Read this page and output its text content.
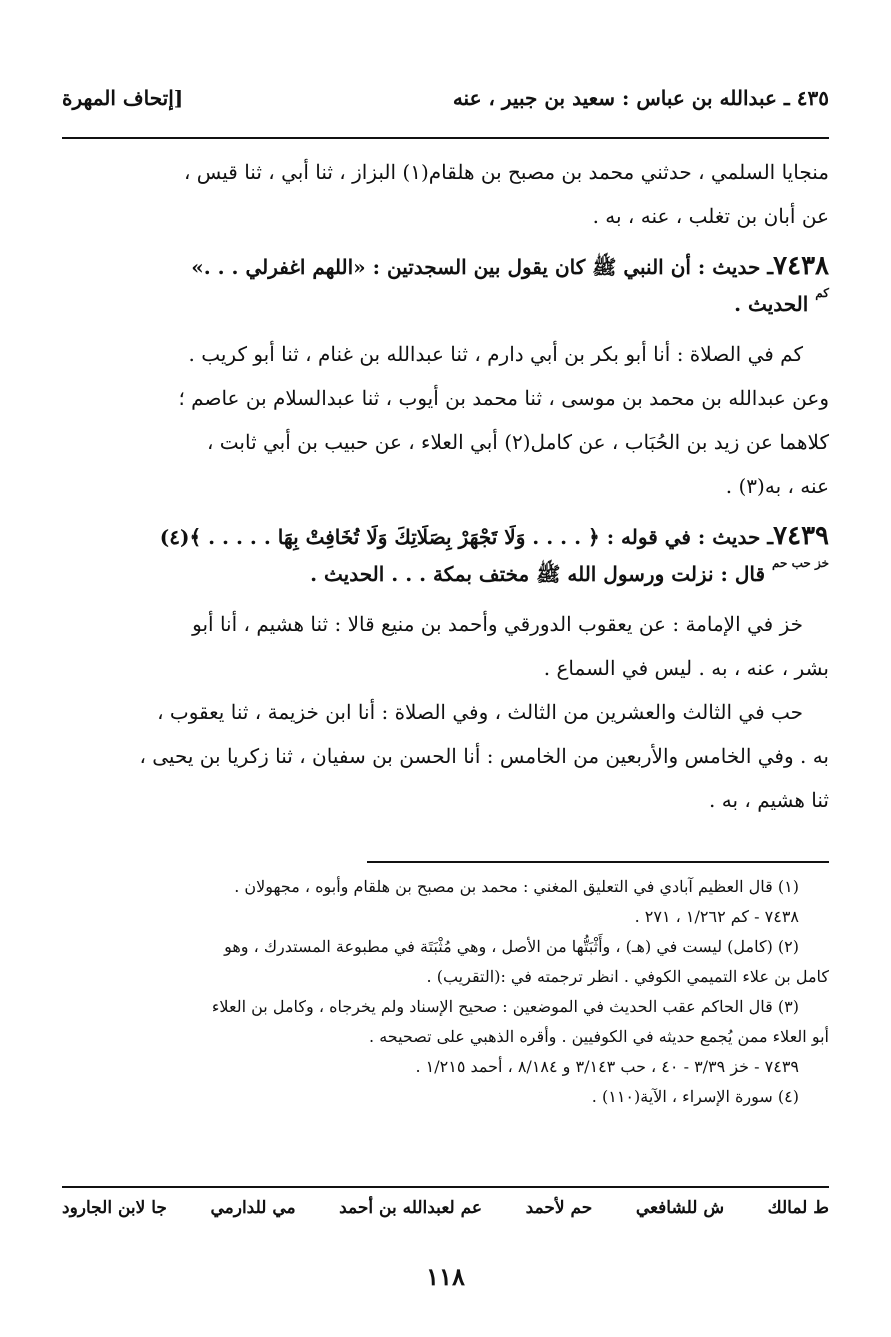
٤٣٥ ـ عبدالله بن عباس : سعيد بن جبير ، عنه
[إتحاف المهرة

منجايا السلمي ، حدثني محمد بن مصبح بن هلقام(١) البزاز ، ثنا أبي ، ثنا قيس ،

عن أبان بن تغلب ، عنه ، به .

٧٤٣٨ـ حديث : أن النبي ﷺ كان يقول بين السجدتين : «اللهم اغفرلي . . .»

$^{كم}$ الحديث .

كم في الصلاة : أنا أبو بكر بن أبي دارم ، ثنا عبدالله بن غنام ، ثنا أبو كريب .

وعن عبدالله بن محمد بن موسى ، ثنا محمد بن أيوب ، ثنا عبدالسلام بن عاصم ؛

كلاهما عن زيد بن الحُبَاب ، عن كامل(٢) أبي العلاء ، عن حبيب بن أبي ثابت ،

عنه ، به(٣) .

٧٤٣٩ـ حديث : في قوله : ﴿ . . . . وَلَا تَجْهَرْ بِصَلَاتِكَ وَلَا تُخَافِتْ بِهَا . . . . . ﴾(٤)

$^{خز حب حم}$ قال : نزلت ورسول الله ﷺ مختف بمكة . . . الحديث .

خز في الإمامة : عن يعقوب الدورقي وأحمد بن منيع قالا : ثنا هشيم ، أنا أبو

بشر ، عنه ، به . ليس في السماع .

حب في الثالث والعشرين من الثالث ، وفي الصلاة : أنا ابن خزيمة ، ثنا يعقوب ،

به . وفي الخامس والأربعين من الخامس : أنا الحسن بن سفيان ، ثنا زكريا بن يحيى ،

ثنا هشيم ، به .

(١) قال العظيم آبادي في التعليق المغني : محمد بن مصبح بن هلقام وأبوه ، مجهولان .

٧٤٣٨ - كم ١/٢٦٢ ، ٢٧١ .

(٢) (كامل) ليست في (هـ) ، وأَثْبَتُّها من الأصل ، وهي مُثْبَتَة في مطبوعة المستدرك ، وهو

كامل بن علاء التميمي الكوفي . انظر ترجمته في :(التقريب) .

(٣) قال الحاكم عقب الحديث في الموضعين : صحيح الإسناد ولم يخرجاه ، وكامل بن العلاء

أبو العلاء ممن يُجمع حديثه في الكوفيين . وأقره الذهبي على تصحيحه .

٧٤٣٩ - خز ٣/٣٩ - ٤٠ ، حب ٣/١٤٣ و ٨/١٨٤ ، أحمد ١/٢١٥ .

(٤) سورة الإسراء ، الآية(١١٠) .

ط لمالك
ش للشافعي
حم لأحمد
عم لعبدالله بن أحمد
مي للدارمي
جا لابن الجارود
١١٨
